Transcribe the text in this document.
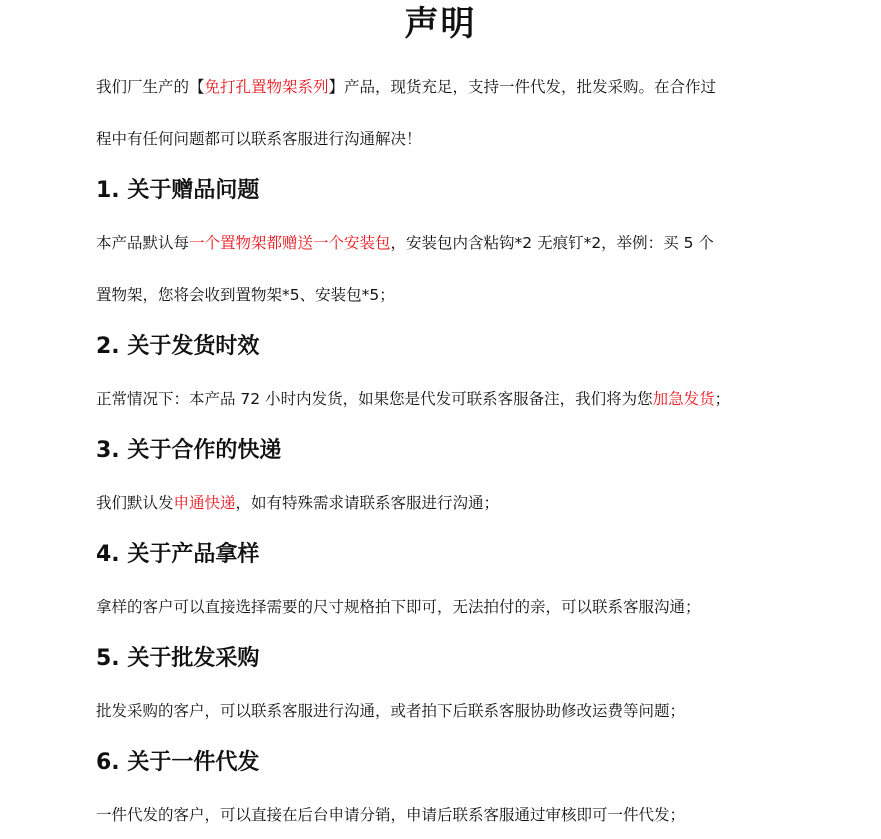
声明
我们厂生产的【免打孔置物架系列】产品，现货充足，支持一件代发，批发采购。在合作过
程中有任何问题都可以联系客服进行沟通解决！
1. 关于赠品问题
本产品默认每一个置物架都赠送一个安装包，安装包内含粘钩*2 无痕钉*2，举例：买 5 个
置物架，您将会收到置物架*5、安装包*5；
2. 关于发货时效
正常情况下：本产品 72 小时内发货，如果您是代发可联系客服备注，我们将为您加急发货；
3. 关于合作的快递
我们默认发申通快递，如有特殊需求请联系客服进行沟通；
4. 关于产品拿样
拿样的客户可以直接选择需要的尺寸规格拍下即可，无法拍付的亲，可以联系客服沟通；
5. 关于批发采购
批发采购的客户，可以联系客服进行沟通，或者拍下后联系客服协助修改运费等问题；
6. 关于一件代发
一件代发的客户，可以直接在后台申请分销，申请后联系客服通过审核即可一件代发；
